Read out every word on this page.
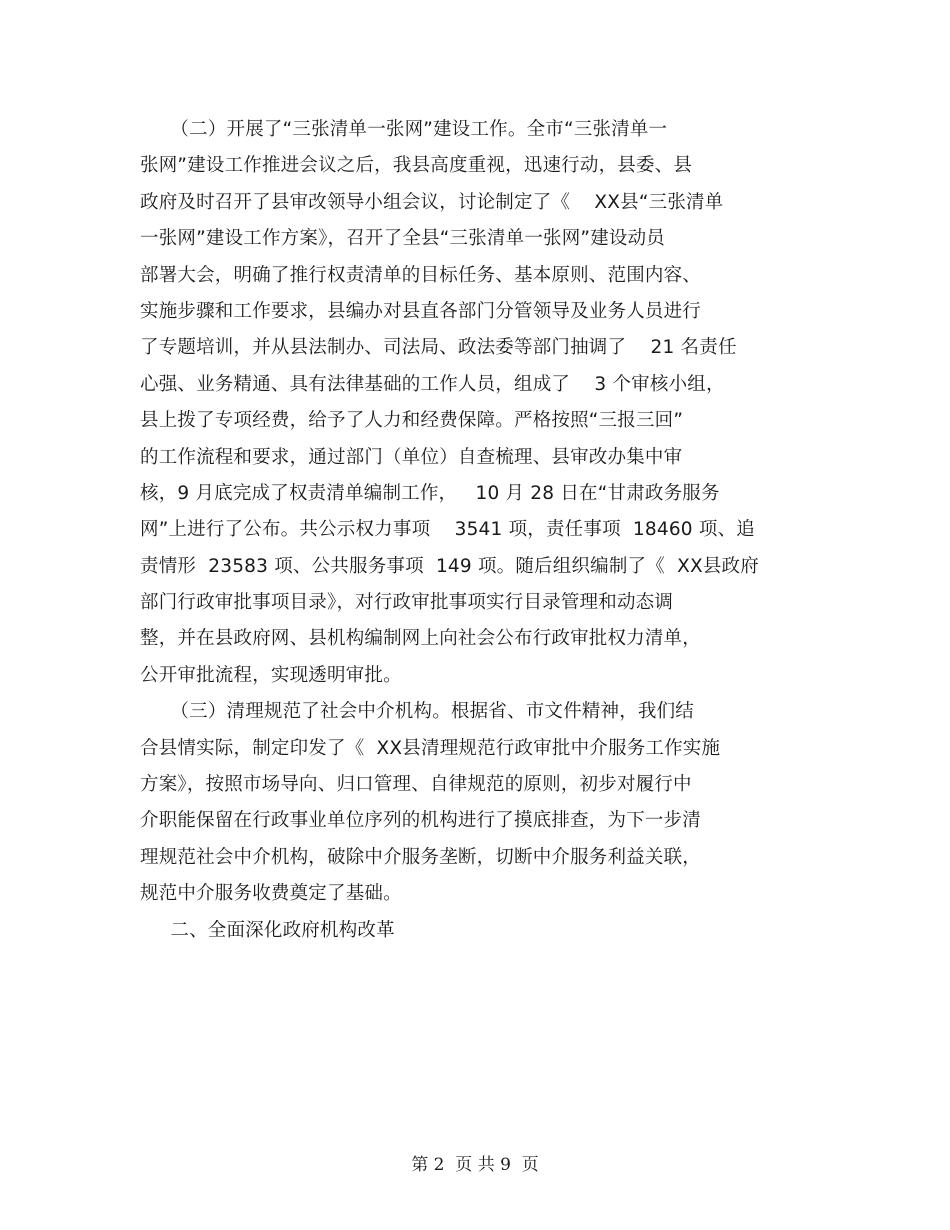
（二）开展了“三张清单一张网”建设工作。全市“三张清单一
张网”建设工作推进会议之后，我县高度重视，迅速行动，县委、县
政府及时召开了县审改领导小组会议，讨论制定了《    XX县“三张清单
一张网”建设工作方案》，召开了全县“三张清单一张网”建设动员
部署大会，明确了推行权责清单的目标任务、基本原则、范围内容、
实施步骤和工作要求，县编办对县直各部门分管领导及业务人员进行
了专题培训，并从县法制办、司法局、政法委等部门抽调了    21 名责任
心强、业务精通、具有法律基础的工作人员，组成了    3 个审核小组，
县上拨了专项经费，给予了人力和经费保障。严格按照“三报三回”
的工作流程和要求，通过部门（单位）自查梳理、县审改办集中审
核，9 月底完成了权责清单编制工作，   10 月 28 日在“甘肃政务服务
网”上进行了公布。共公示权力事项    3541 项，责任事项  18460 项、追
责情形  23583 项、公共服务事项  149 项。随后组织编制了《  XX县政府
部门行政审批事项目录》，对行政审批事项实行目录管理和动态调
整，并在县政府网、县机构编制网上向社会公布行政审批权力清单，
公开审批流程，实现透明审批。
（三）清理规范了社会中介机构。根据省、市文件精神，我们结
合县情实际，制定印发了《  XX县清理规范行政审批中介服务工作实施
方案》，按照市场导向、归口管理、自律规范的原则，初步对履行中
介职能保留在行政事业单位序列的机构进行了摸底排查，为下一步清
理规范社会中介机构，破除中介服务垄断，切断中介服务利益关联，
规范中介服务收费奠定了基础。
二、全面深化政府机构改革
第 2  页 共 9  页
